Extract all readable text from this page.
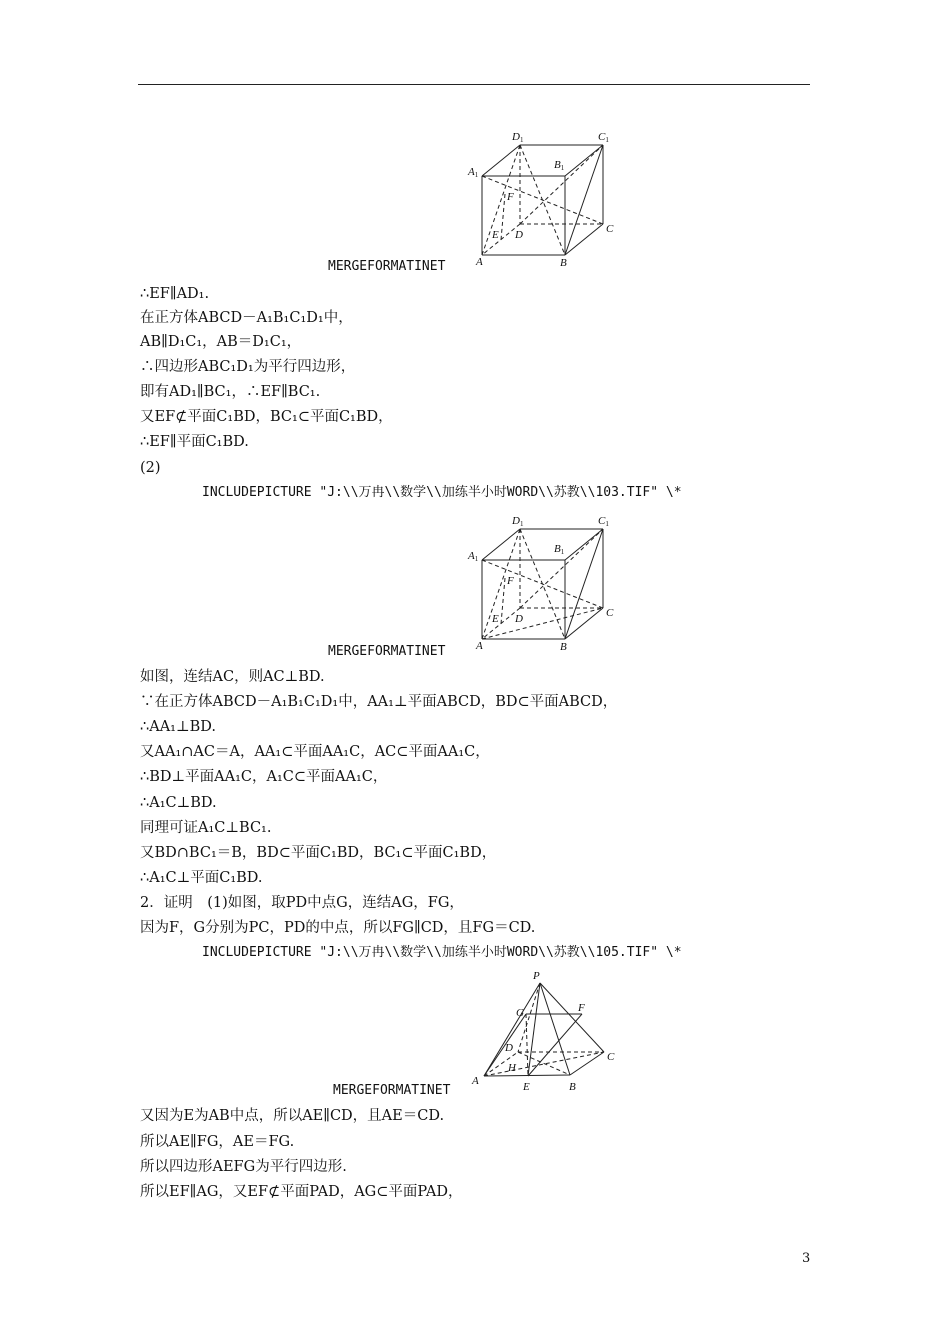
D1	C1
A1
B1
F
E D	C
A	B
MERGEFORMATINET
∴EF∥AD₁.
在正方体ABCD－A₁B₁C₁D₁中，
AB∥D₁C₁，AB＝D₁C₁，
∴四边形ABC₁D₁为平行四边形，
即有AD₁∥BC₁，∴EF∥BC₁.
又EF⊄平面C₁BD，BC₁⊂平面C₁BD，
∴EF∥平面C₁BD.
(2)
INCLUDEPICTURE "J:\\万冉\\数学\\加练半小时WORD\\苏教\\103.TIF" \*
D1	C1
A1
B1
F
E D	C
A	B
MERGEFORMATINET
如图，连结AC，则AC⊥BD.
∵在正方体ABCD－A₁B₁C₁D₁中，AA₁⊥平面ABCD，BD⊂平面ABCD，
∴AA₁⊥BD.
又AA₁∩AC＝A，AA₁⊂平面AA₁C，AC⊂平面AA₁C，
∴BD⊥平面AA₁C，A₁C⊂平面AA₁C，
∴A₁C⊥BD.
同理可证A₁C⊥BC₁.
又BD∩BC₁＝B，BD⊂平面C₁BD，BC₁⊂平面C₁BD，
∴A₁C⊥平面C₁BD.
2．证明　(1)如图，取PD中点G，连结AG，FG，
因为F，G分别为PC，PD的中点，所以FG∥CD，且FG＝CD.
INCLUDEPICTURE "J:\\万冉\\数学\\加练半小时WORD\\苏教\\105.TIF" \*
P
G	F
D
C
H
A	E	B
MERGEFORMATINET
又因为E为AB中点，所以AE∥CD，且AE＝CD.
所以AE∥FG，AE＝FG.
所以四边形AEFG为平行四边形.
所以EF∥AG，又EF⊄平面PAD，AG⊂平面PAD，
3
